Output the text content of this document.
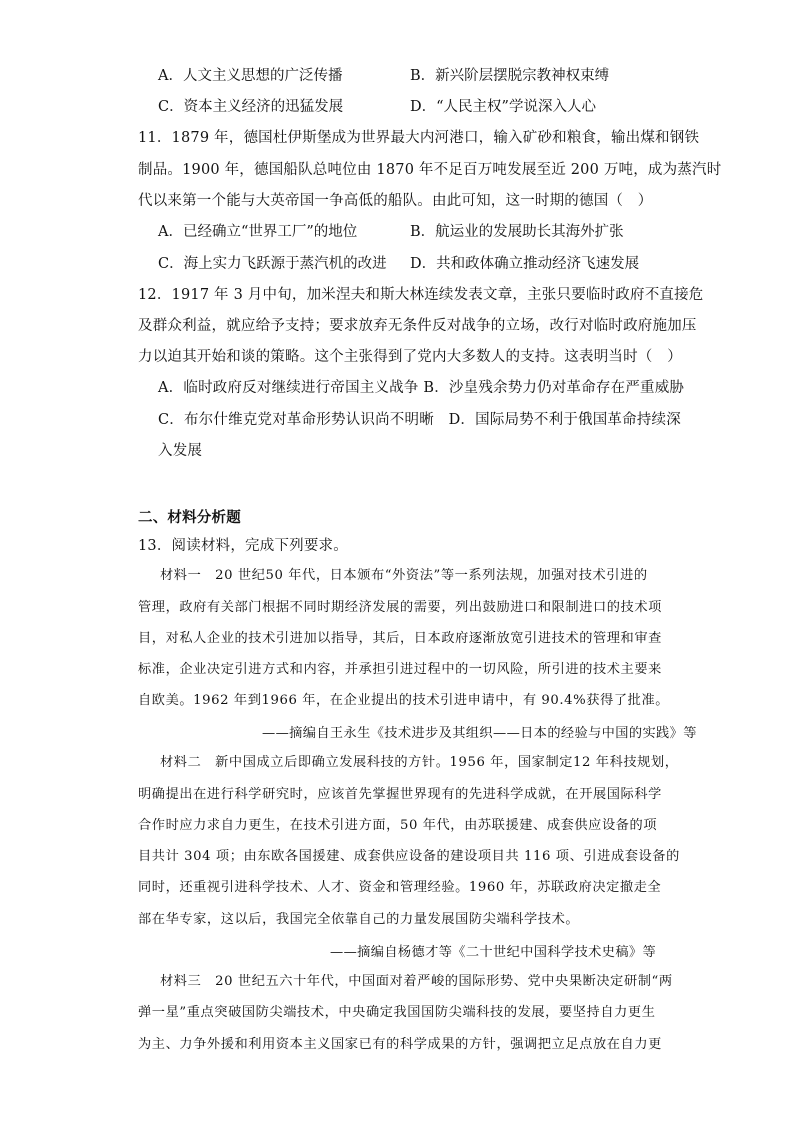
A．人文主义思想的广泛传播	B．新兴阶层摆脱宗教神权束缚
C．资本主义经济的迅猛发展	D．“人民主权”学说深入人心
11．1879 年，德国杜伊斯堡成为世界最大内河港口，输入矿砂和粮食，输出煤和钢铁
制品。1900 年，德国船队总吨位由 1870 年不足百万吨发展至近 200 万吨，成为蒸汽时
代以来第一个能与大英帝国一争高低的船队。由此可知，这一时期的德国（　）
A．已经确立“世界工厂”的地位	B．航运业的发展助长其海外扩张
C．海上实力飞跃源于蒸汽机的改进 D．共和政体确立推动经济飞速发展
12．1917 年 3 月中旬，加米涅夫和斯大林连续发表文章，主张只要临时政府不直接危
及群众利益，就应给予支持；要求放弃无条件反对战争的立场，改行对临时政府施加压
力以迫其开始和谈的策略。这个主张得到了党内大多数人的支持。这表明当时（　）
A．临时政府反对继续进行帝国主义战争 B．沙皇残余势力仍对革命存在严重威胁
C．布尔什维克党对革命形势认识尚不明晰　D．国际局势不利于俄国革命持续深
入发展
二、材料分析题
13．阅读材料，完成下列要求。
材料一　20 世纪50 年代，日本颁布“外资法”等一系列法规，加强对技术引进的
管理，政府有关部门根据不同时期经济发展的需要，列出鼓励进口和限制进口的技术项
目，对私人企业的技术引进加以指导，其后，日本政府逐渐放宽引进技术的管理和审查
标准，企业决定引进方式和内容，并承担引进过程中的一切风险，所引进的技术主要来
自欧美。1962 年到1966 年，在企业提出的技术引进申请中，有 90.4%获得了批准。
——摘编自王永生《技术进步及其组织——日本的经验与中国的实践》等
材料二　新中国成立后即确立发展科技的方针。1956 年，国家制定12 年科技规划，
明确提出在进行科学研究时，应该首先掌握世界现有的先进科学成就，在开展国际科学
合作时应力求自力更生，在技术引进方面，50 年代，由苏联援建、成套供应设备的项
目共计 304 项；由东欧各国援建、成套供应设备的建设项目共 116 项、引进成套设备的
同时，还重视引进科学技术、人才、资金和管理经验。1960 年，苏联政府决定撤走全
部在华专家，这以后，我国完全依靠自己的力量发展国防尖端科学技术。
——摘编自杨德才等《二十世纪中国科学技术史稿》等
材料三　20 世纪五六十年代，中国面对着严峻的国际形势、党中央果断决定研制“两
弹一星”重点突破国防尖端技术，中央确定我国国防尖端科技的发展，要坚持自力更生
为主、力争外援和利用资本主义国家已有的科学成果的方针，强调把立足点放在自力更
